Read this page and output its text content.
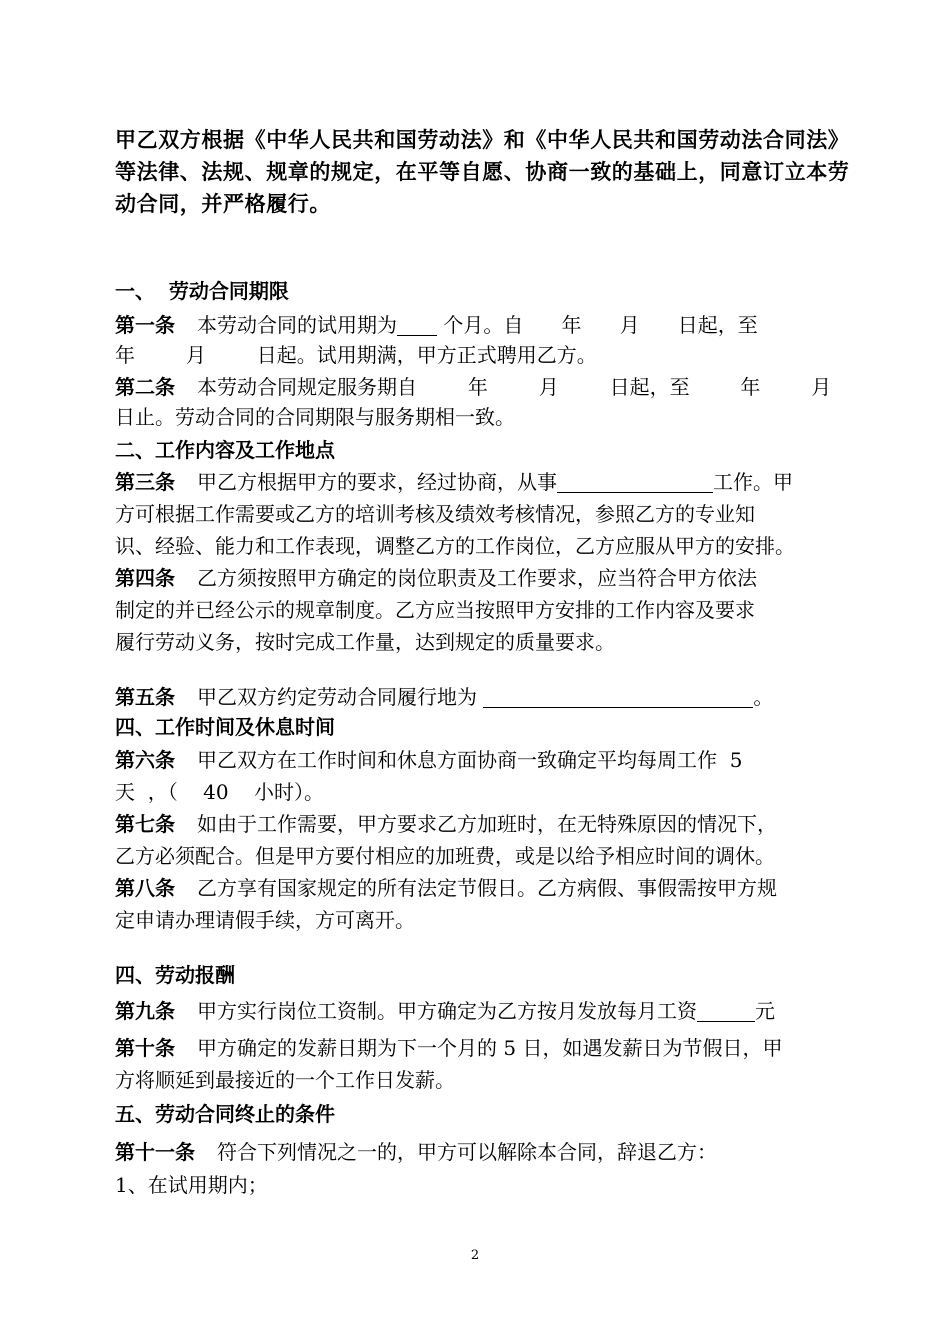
甲乙双方根据《中华人民共和国劳动法》和《中华人民共和国劳动法合同法》
等法律、法规、规章的规定，在平等自愿、协商一致的基础上，同意订立本劳
动合同，并严格履行。
一、  劳动合同期限
第一条 本劳动合同的试用期为 个月。自      年      月      日起，至
年        月        日起。试用期满，甲方正式聘用乙方。
第二条 本劳动合同规定服务期自        年        月        日起，至        年        月
日止。劳动合同的合同期限与服务期相一致。
二、工作内容及工作地点
第三条 甲乙方根据甲方的要求，经过协商，从事	工作。甲
方可根据工作需要或乙方的培训考核及绩效考核情况，参照乙方的专业知
识、经验、能力和工作表现，调整乙方的工作岗位，乙方应服从甲方的安排。
第四条 乙方须按照甲方确定的岗位职责及工作要求，应当符合甲方依法
制定的并已经公示的规章制度。乙方应当按照甲方安排的工作内容及要求
履行劳动义务，按时完成工作量，达到规定的质量要求。
第五条 甲乙双方约定劳动合同履行地为	。
四、工作时间及休息时间
第六条 甲乙双方在工作时间和休息方面协商一致确定平均每周工作  5
天  ，（    40    小时）。
第七条 如由于工作需要，甲方要求乙方加班时，在无特殊原因的情况下，
乙方必须配合。但是甲方要付相应的加班费，或是以给予相应时间的调休。
第八条 乙方享有国家规定的所有法定节假日。乙方病假、事假需按甲方规
定申请办理请假手续，方可离开。
四、劳动报酬
第九条 甲方实行岗位工资制。甲方确定为乙方按月发放每月工资	元
第十条 甲方确定的发薪日期为下一个月的 5 日，如遇发薪日为节假日，甲
方将顺延到最接近的一个工作日发薪。
五、劳动合同终止的条件
第十一条 符合下列情况之一的，甲方可以解除本合同，辞退乙方：
1、在试用期内；
2
